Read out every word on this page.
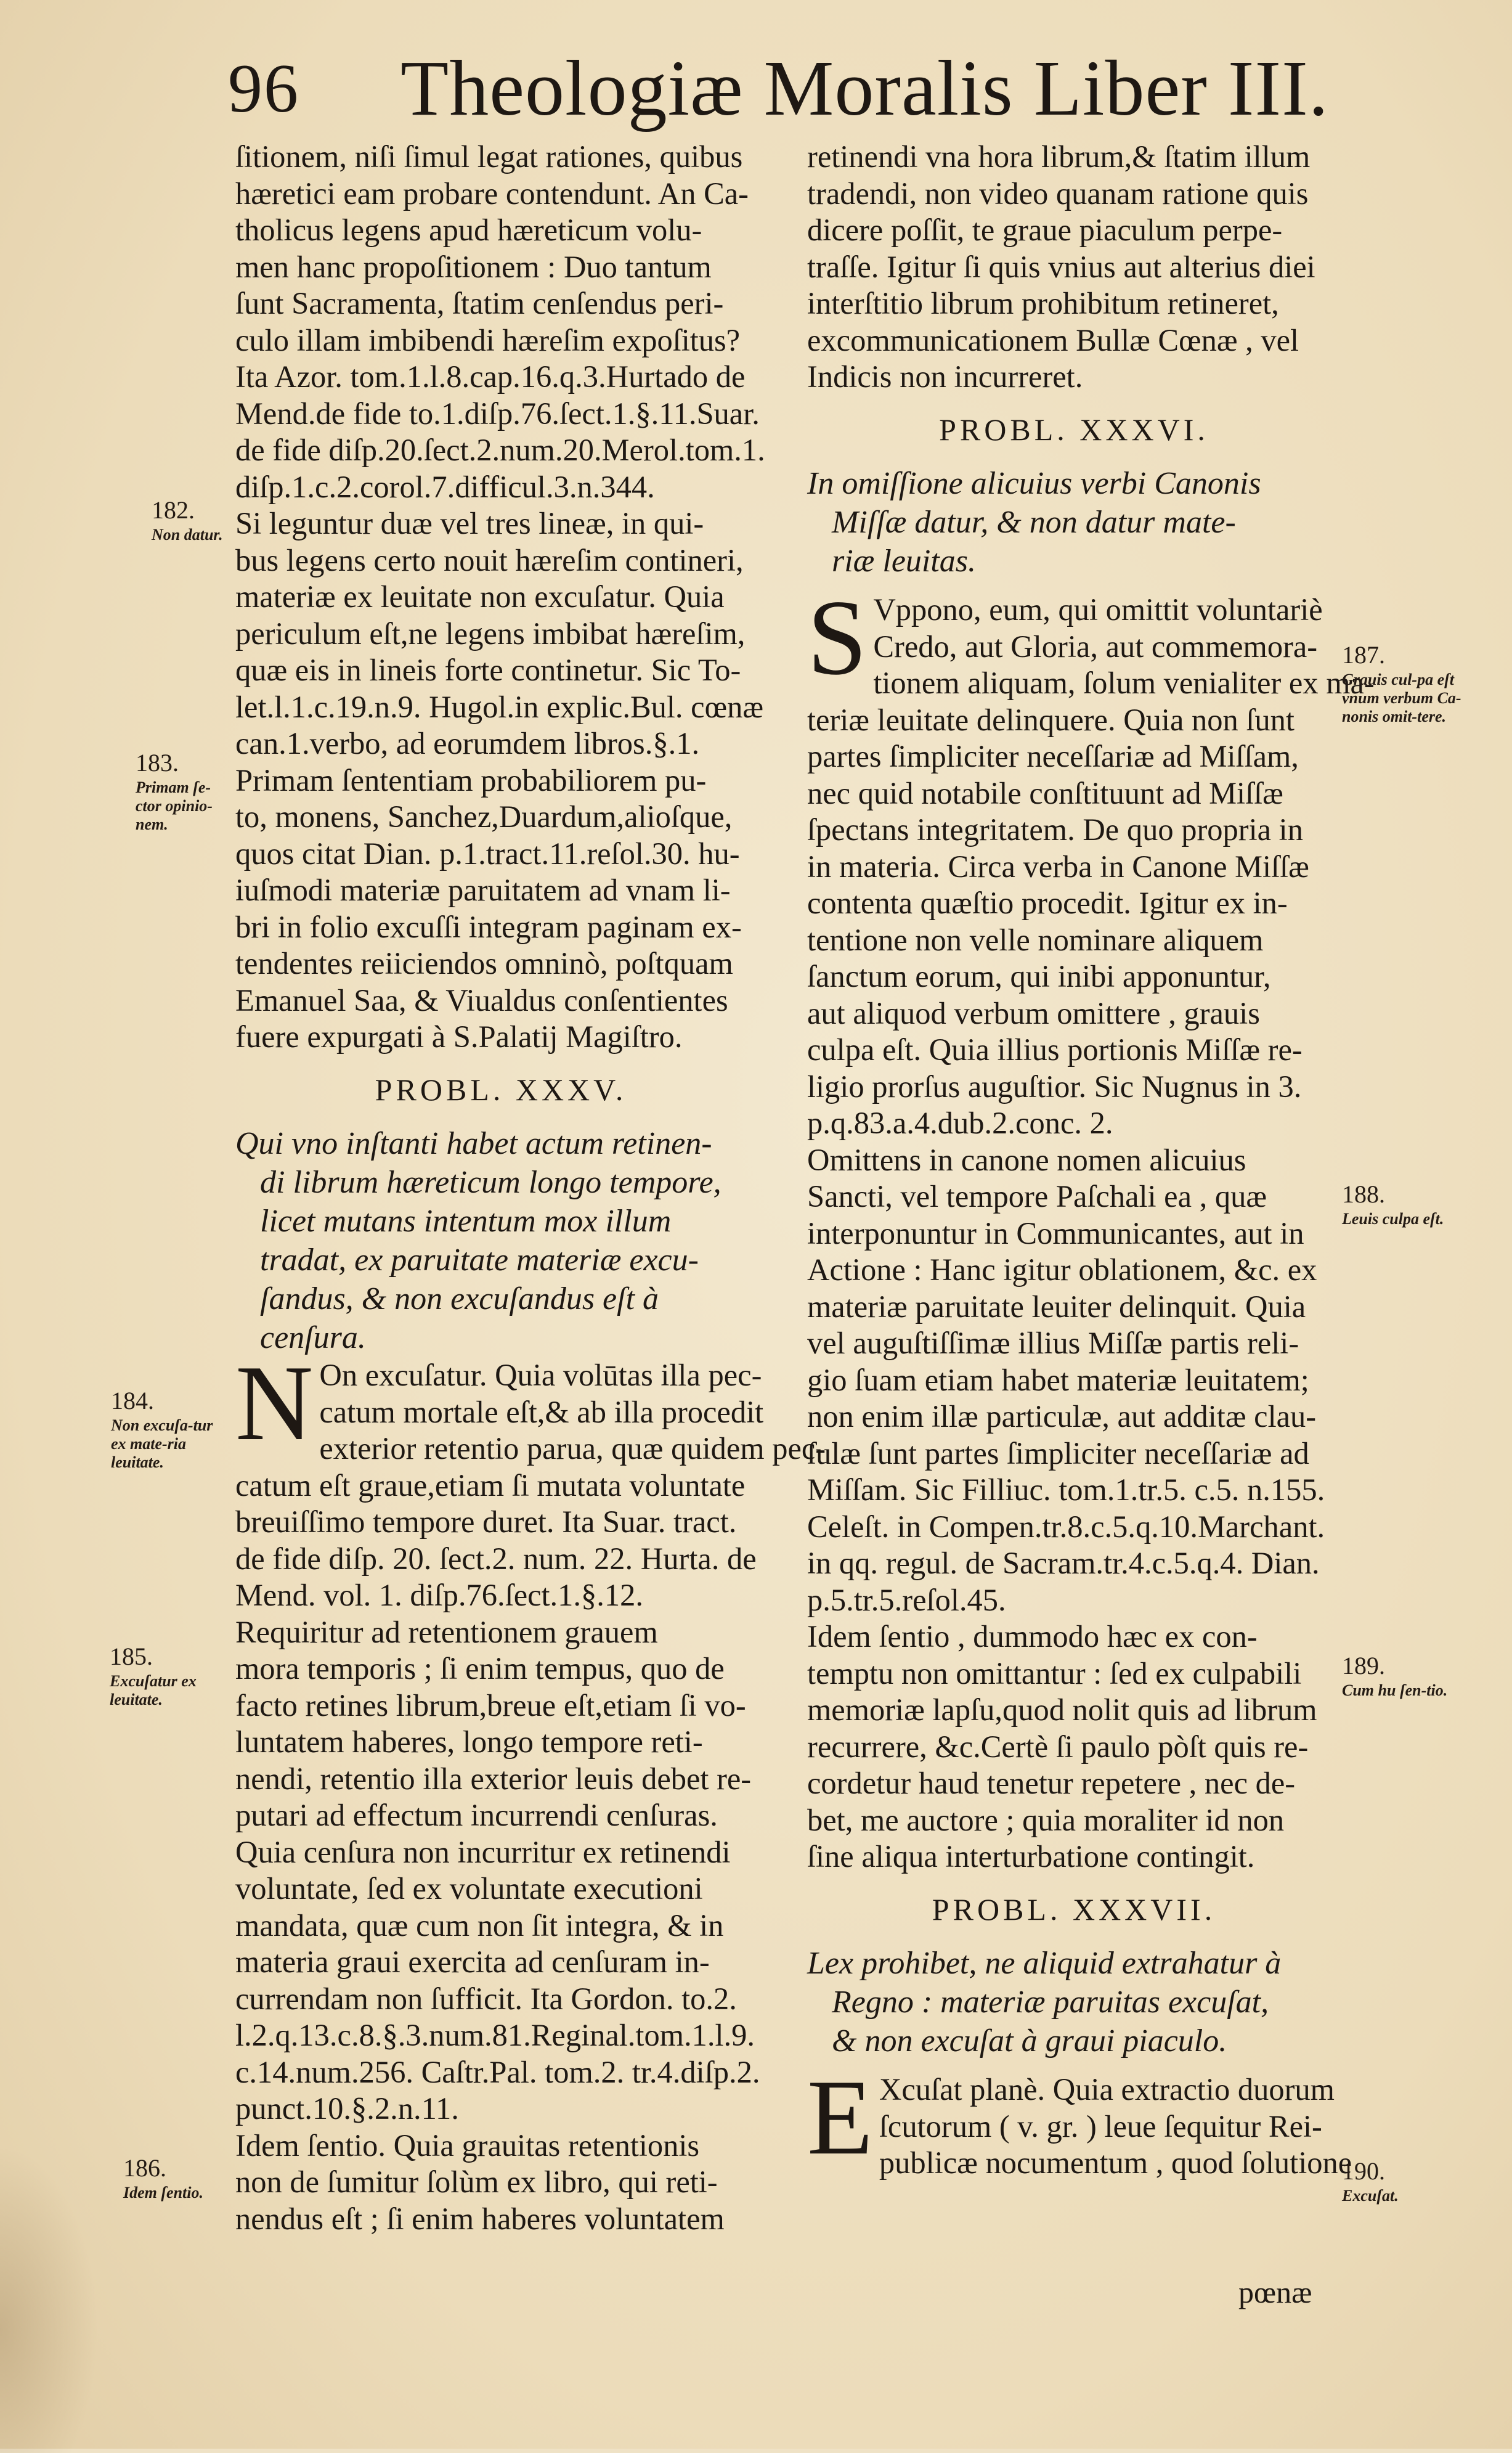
96 Theologiæ Moralis Liber III.
ſitionem, niſi ſimul legat rationes, quibus
hæretici eam probare contendunt. An Ca-
tholicus legens apud hæreticum volu-
men hanc propoſitionem : Duo tantum
ſunt Sacramenta, ſtatim cenſendus peri-
culo illam imbibendi hæreſim expoſitus?
Ita Azor. tom.1.l.8.cap.16.q.3.Hurtado de
Mend.de fide to.1.diſp.76.ſect.1.§.11.Suar.
de fide diſp.20.ſect.2.num.20.Merol.tom.1.
diſp.1.c.2.corol.7.difficul.3.n.344.
Si leguntur duæ vel tres lineæ, in qui-
bus legens certo nouit hæreſim contineri,
materiæ ex leuitate non excuſatur. Quia
periculum eſt,ne legens imbibat hæreſim,
quæ eis in lineis forte continetur. Sic To-
let.l.1.c.19.n.9. Hugol.in explic.Bul. cœnæ
can.1.verbo, ad eorumdem libros.§.1.
Primam ſententiam probabiliorem pu-
to, monens, Sanchez,Duardum,alioſque,
quos citat Dian. p.1.tract.11.reſol.30. hu-
iuſmodi materiæ paruitatem ad vnam li-
bri in folio excuſſi integram paginam ex-
tendentes reiiciendos omninò, poſtquam
Emanuel Saa, & Viualdus conſentientes
fuere expurgati à S.Palatij Magiſtro.
PROBL. XXXV.
Qui vno inſtanti habet actum retinen-
di librum hæreticum longo tempore,
licet mutans intentum mox illum
tradat, ex paruitate materiæ excu-
ſandus, & non excuſandus eſt à
cenſura.
N On excuſatur. Quia volūtas illa pec-
catum mortale eſt,& ab illa procedit
exterior retentio parua, quæ quidem pec-
catum eſt graue,etiam ſi mutata voluntate
breuiſſimo tempore duret. Ita Suar. tract.
de fide diſp. 20. ſect.2. num. 22. Hurta. de
Mend. vol. 1. diſp.76.ſect.1.§.12.
Requiritur ad retentionem grauem
mora temporis ; ſi enim tempus, quo de
facto retines librum,breue eſt,etiam ſi vo-
luntatem haberes, longo tempore reti-
nendi, retentio illa exterior leuis debet re-
putari ad effectum incurrendi cenſuras.
Quia cenſura non incurritur ex retinendi
voluntate, ſed ex voluntate executioni
mandata, quæ cum non ſit integra, & in
materia graui exercita ad cenſuram in-
currendam non ſufficit. Ita Gordon. to.2.
l.2.q.13.c.8.§.3.num.81.Reginal.tom.1.l.9.
c.14.num.256. Caſtr.Pal. tom.2. tr.4.diſp.2.
punct.10.§.2.n.11.
Idem ſentio. Quia grauitas retentionis
non de ſumitur ſolùm ex libro, qui reti-
nendus eſt ; ſi enim haberes voluntatem
retinendi vna hora librum,& ſtatim illum
tradendi, non video quanam ratione quis
dicere poſſit, te graue piaculum perpe-
traſſe. Igitur ſi quis vnius aut alterius diei
interſtitio librum prohibitum retineret,
excommunicationem Bullæ Cœnæ , vel
Indicis non incurreret.
PROBL. XXXVI.
In omiſſione alicuius verbi Canonis
Miſſæ datur, & non datur mate-
riæ leuitas.
S Vppono, eum, qui omittit voluntariè
Credo, aut Gloria, aut commemora-
tionem aliquam, ſolum venialiter ex ma-
teriæ leuitate delinquere. Quia non ſunt
partes ſimpliciter neceſſariæ ad Miſſam,
nec quid notabile conſtituunt ad Miſſæ
ſpectans integritatem. De quo propria in
in materia. Circa verba in Canone Miſſæ
contenta quæſtio procedit. Igitur ex in-
tentione non velle nominare aliquem
ſanctum eorum, qui inibi apponuntur,
aut aliquod verbum omittere , grauis
culpa eſt. Quia illius portionis Miſſæ re-
ligio prorſus auguſtior. Sic Nugnus in 3.
p.q.83.a.4.dub.2.conc. 2.
Omittens in canone nomen alicuius
Sancti, vel tempore Paſchali ea , quæ
interponuntur in Communicantes, aut in
Actione : Hanc igitur oblationem, &c. ex
materiæ paruitate leuiter delinquit. Quia
vel auguſtiſſimæ illius Miſſæ partis reli-
gio ſuam etiam habet materiæ leuitatem;
non enim illæ particulæ, aut additæ clau-
ſulæ ſunt partes ſimpliciter neceſſariæ ad
Miſſam. Sic Filliuc. tom.1.tr.5. c.5. n.155.
Celeſt. in Compen.tr.8.c.5.q.10.Marchant.
in qq. regul. de Sacram.tr.4.c.5.q.4. Dian.
p.5.tr.5.reſol.45.
Idem ſentio , dummodo hæc ex con-
temptu non omittantur : ſed ex culpabili
memoriæ lapſu,quod nolit quis ad librum
recurrere, &c.Certè ſi paulo pòſt quis re-
cordetur haud tenetur repetere , nec de-
bet, me auctore ; quia moraliter id non
ſine aliqua interturbatione contingit.
PROBL. XXXVII.
Lex prohibet, ne aliquid extrahatur à
Regno : materiæ paruitas excuſat,
& non excuſat à graui piaculo.
E Xcuſat planè. Quia extractio duorum
ſcutorum ( v. gr. ) leue ſequitur Rei-
publicæ nocumentum , quod ſolutione
pœnæ
182.
Non datur.
183.
Primam ſe-ctor opinio-nem.
184.
Non excuſa-tur ex mate-ria leuitate.
185.
Excuſatur ex leuitate.
186.
Idem ſentio.
187.
Grauis cul-pa eſt vnum verbum Ca-nonis omit-tere.
188.
Leuis culpa eſt.
189.
Cum hu ſen-tio.
190.
Excuſat.
